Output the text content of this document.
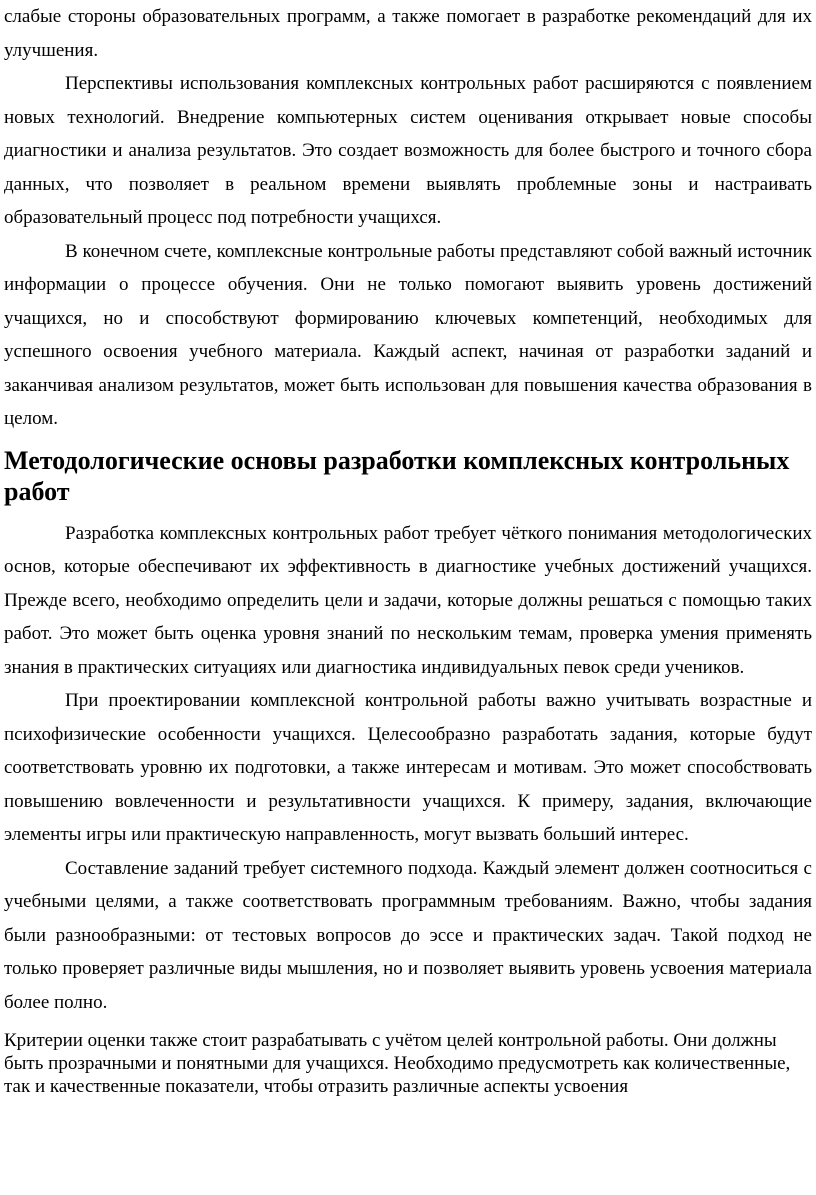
слабые стороны образовательных программ, а также помогает в разработке рекомендаций для их улучшения.

Перспективы использования комплексных контрольных работ расширяются с появлением новых технологий. Внедрение компьютерных систем оценивания открывает новые способы диагностики и анализа результатов. Это создает возможность для более быстрого и точного сбора данных, что позволяет в реальном времени выявлять проблемные зоны и настраивать образовательный процесс под потребности учащихся.

В конечном счете, комплексные контрольные работы представляют собой важный источник информации о процессе обучения. Они не только помогают выявить уровень достижений учащихся, но и способствуют формированию ключевых компетенций, необходимых для успешного освоения учебного материала. Каждый аспект, начиная от разработки заданий и заканчивая анализом результатов, может быть использован для повышения качества образования в целом.

Методологические основы разработки комплексных контрольных работ

Разработка комплексных контрольных работ требует чёткого понимания методологических основ, которые обеспечивают их эффективность в диагностике учебных достижений учащихся. Прежде всего, необходимо определить цели и задачи, которые должны решаться с помощью таких работ. Это может быть оценка уровня знаний по нескольким темам, проверка умения применять знания в практических ситуациях или диагностика индивидуальных певок среди учеников.

При проектировании комплексной контрольной работы важно учитывать возрастные и психофизические особенности учащихся. Целесообразно разработать задания, которые будут соответствовать уровню их подготовки, а также интересам и мотивам. Это может способствовать повышению вовлеченности и результативности учащихся. К примеру, задания, включающие элементы игры или практическую направленность, могут вызвать больший интерес.

Составление заданий требует системного подхода. Каждый элемент должен соотноситься с учебными целями, а также соответствовать программным требованиям. Важно, чтобы задания были разнообразными: от тестовых вопросов до эссе и практических задач. Такой подход не только проверяет различные виды мышления, но и позволяет выявить уровень усвоения материала более полно.

Критерии оценки также стоит разрабатывать с учётом целей контрольной работы. Они должны быть прозрачными и понятными для учащихся. Необходимо предусмотреть как количественные, так и качественные показатели, чтобы отразить различные аспекты усвоения
